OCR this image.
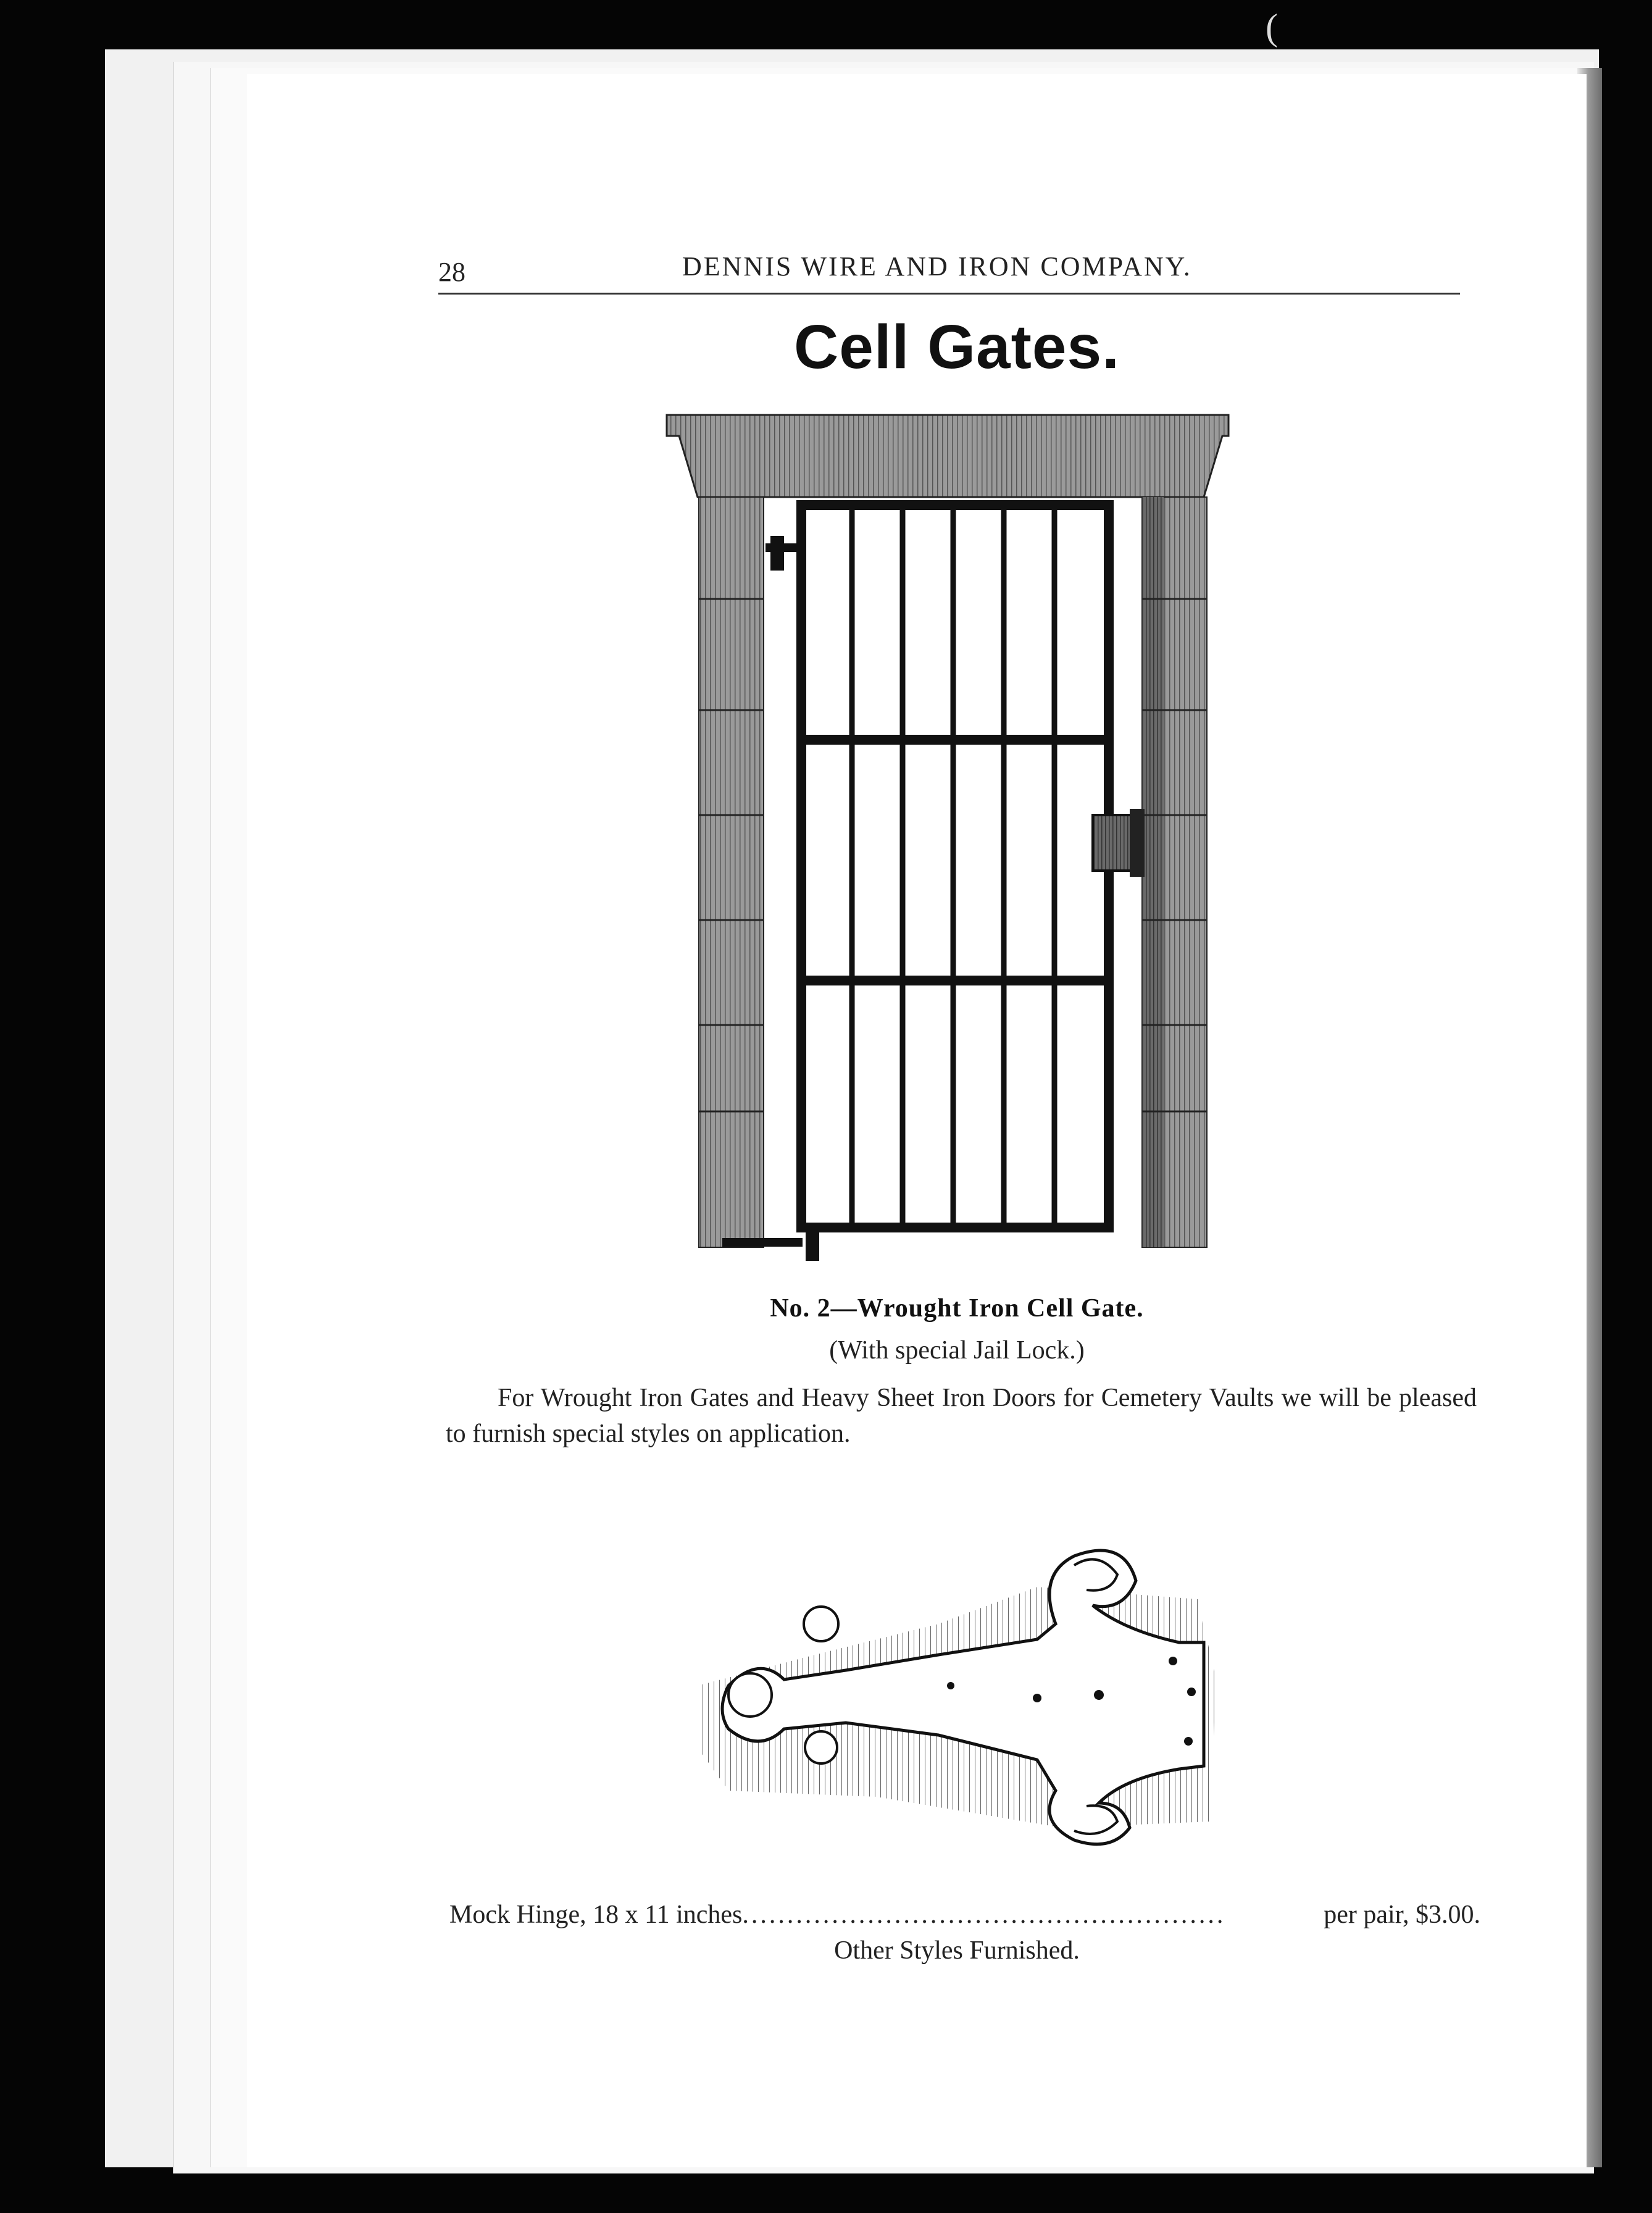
(
28	DENNIS WIRE AND IRON COMPANY.
Cell Gates.
No. 2—Wrought Iron Cell Gate.
(With special Jail Lock.)
For Wrought Iron Gates and Heavy Sheet Iron Doors for Cemetery Vaults we will be pleased to furnish special styles on application.
Mock Hinge, 18 x 11 inches ......................................................	per pair, $3.00.
Other Styles Furnished.
